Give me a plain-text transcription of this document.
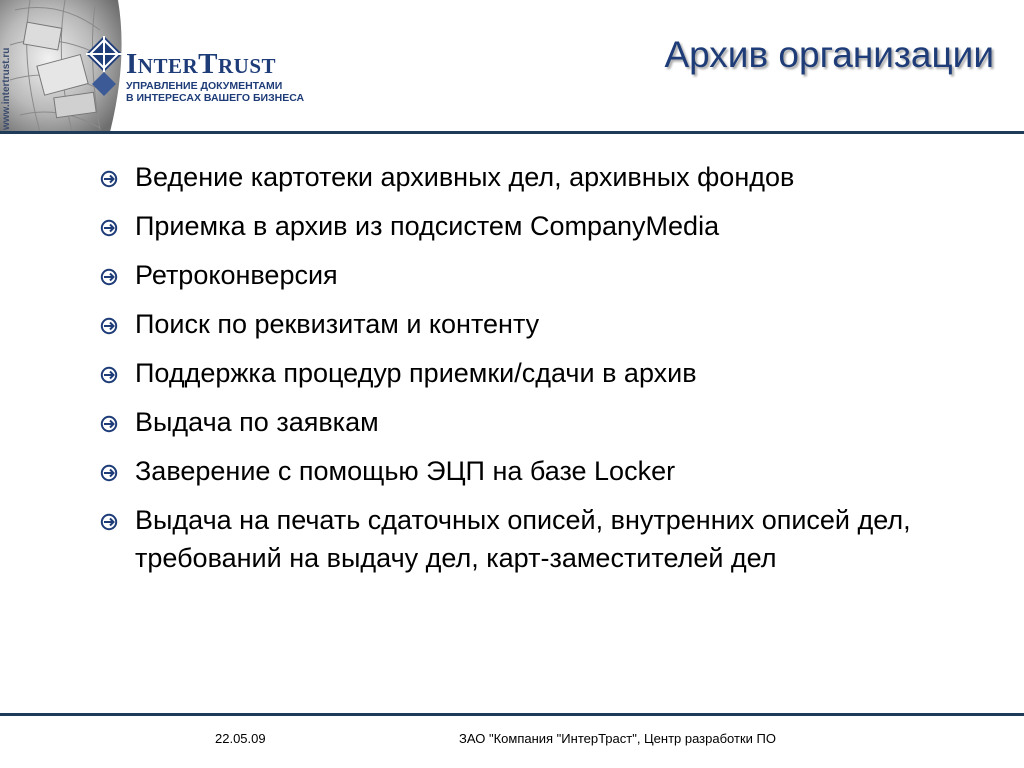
www.intertrust.ru	INTERTRUST
УПРАВЛЕНИЕ ДОКУМЕНТАМИ
В ИНТЕРЕСАХ ВАШЕГО БИЗНЕСА
Архив организации
Ведение картотеки архивных дел, архивных фондов
Приемка в архив из подсистем CompanyMedia
Ретроконверсия
Поиск по реквизитам и контенту
Поддержка процедур приемки/сдачи в архив
Выдача по заявкам
Заверение с помощью ЭЦП на базе Locker
Выдача на печать сдаточных описей, внутренних описей дел, требований на выдачу дел, карт-заместителей дел
22.05.09	ЗАО "Компания "ИнтерТраст", Центр разработки ПО
